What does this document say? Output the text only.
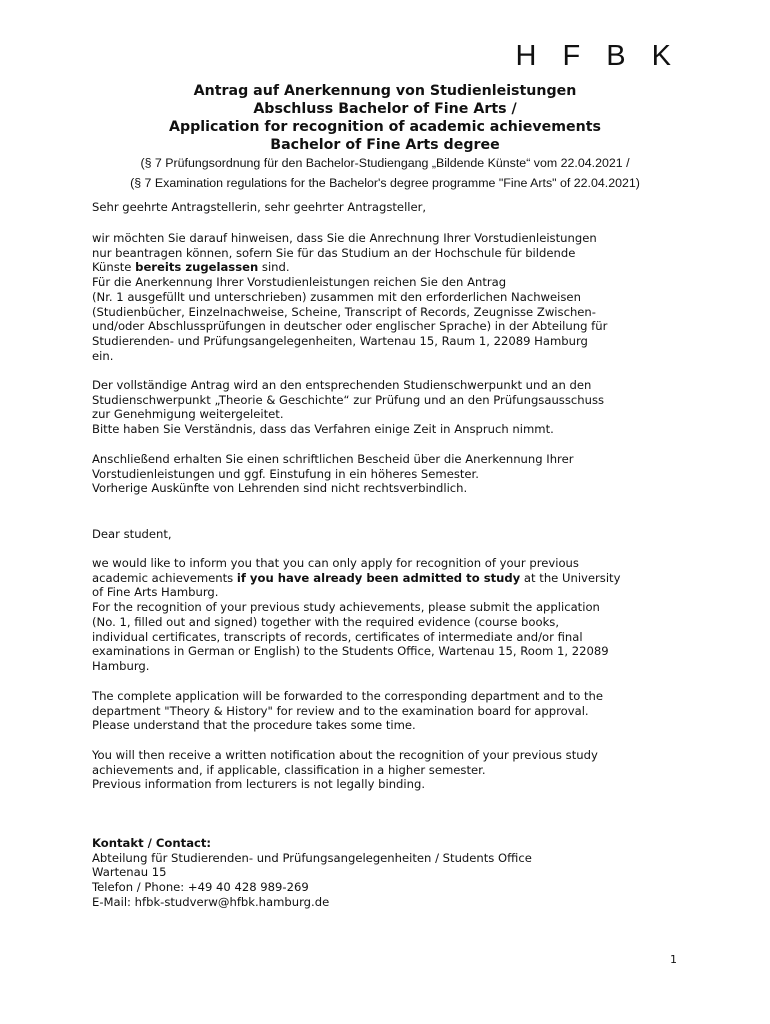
H F B K
Antrag auf Anerkennung von Studienleistungen
Abschluss Bachelor of Fine Arts /
Application for recognition of academic achievements
Bachelor of Fine Arts degree
(§ 7 Prüfungsordnung für den Bachelor-Studiengang „Bildende Künste“ vom 22.04.2021 /
(§ 7 Examination regulations for the Bachelor's degree programme "Fine Arts" of 22.04.2021)
Sehr geehrte Antragstellerin, sehr geehrter Antragsteller,
wir möchten Sie darauf hinweisen, dass Sie die Anrechnung Ihrer Vorstudienleistungen
nur beantragen können, sofern Sie für das Studium an der Hochschule für bildende
Künste bereits zugelassen sind.
Für die Anerkennung Ihrer Vorstudienleistungen reichen Sie den Antrag
(Nr. 1 ausgefüllt und unterschrieben) zusammen mit den erforderlichen Nachweisen
(Studienbücher, Einzelnachweise, Scheine, Transcript of Records, Zeugnisse Zwischen-
und/oder Abschlussprüfungen in deutscher oder englischer Sprache) in der Abteilung für
Studierenden- und Prüfungsangelegenheiten, Wartenau 15, Raum 1, 22089 Hamburg
ein.
Der vollständige Antrag wird an den entsprechenden Studienschwerpunkt und an den
Studienschwerpunkt „Theorie & Geschichte“ zur Prüfung und an den Prüfungsausschuss
zur Genehmigung weitergeleitet.
Bitte haben Sie Verständnis, dass das Verfahren einige Zeit in Anspruch nimmt.
Anschließend erhalten Sie einen schriftlichen Bescheid über die Anerkennung Ihrer
Vorstudienleistungen und ggf. Einstufung in ein höheres Semester.
Vorherige Auskünfte von Lehrenden sind nicht rechtsverbindlich.
Dear student,
we would like to inform you that you can only apply for recognition of your previous
academic achievements if you have already been admitted to study at the University
of Fine Arts Hamburg.
For the recognition of your previous study achievements, please submit the application
(No. 1, filled out and signed) together with the required evidence (course books,
individual certificates, transcripts of records, certificates of intermediate and/or final
examinations in German or English) to the Students Office, Wartenau 15, Room 1, 22089
Hamburg.
The complete application will be forwarded to the corresponding department and to the
department "Theory & History" for review and to the examination board for approval.
Please understand that the procedure takes some time.
You will then receive a written notification about the recognition of your previous study
achievements and, if applicable, classification in a higher semester.
Previous information from lecturers is not legally binding.
Kontakt / Contact:
Abteilung für Studierenden- und Prüfungsangelegenheiten / Students Office
Wartenau 15
Telefon / Phone: +49 40 428 989-269
E-Mail: hfbk-studverw@hfbk.hamburg.de
1
